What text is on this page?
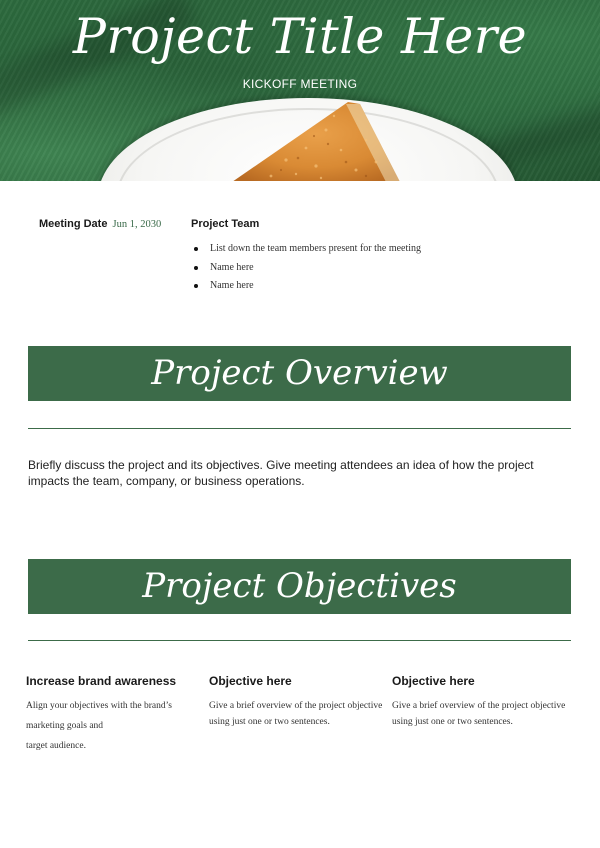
Project Title Here
KICKOFF MEETING
Meeting Date Jun 1, 2030	Project Team
List down the team members present for the meeting
Name here
Name here
Project Overview
Briefly discuss the project and its objectives. Give meeting attendees an idea of how the project impacts the team, company, or business operations.
Project Objectives
Increase brand awareness
Align your objectives with the brand’s
marketing goals and
target audience.
Objective here
Give a brief overview of the project objective using just one or two sentences.
Objective here
Give a brief overview of the project objective using just one or two sentences.
